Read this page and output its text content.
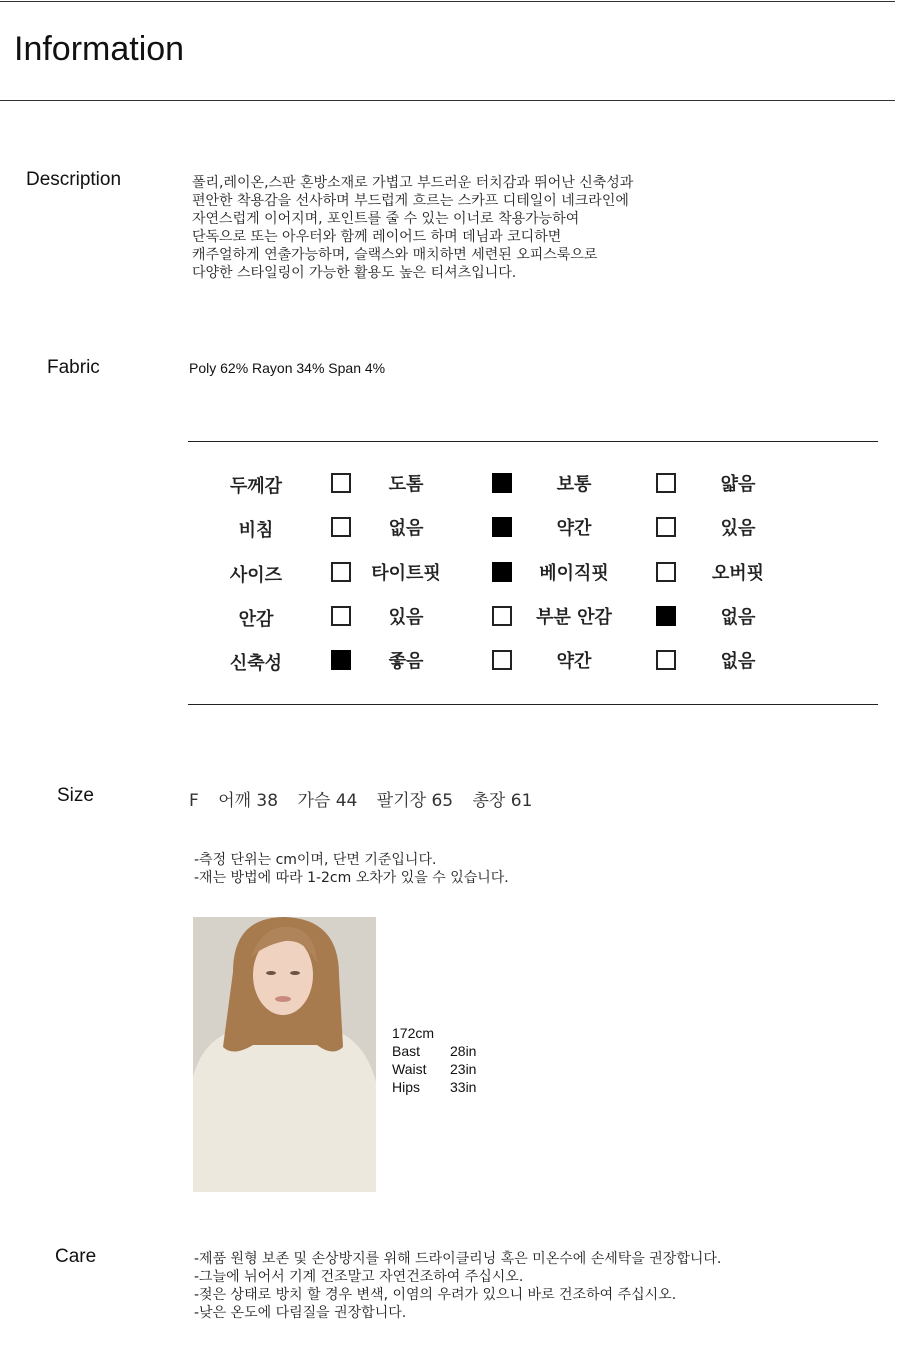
Information
Description	폴리,레이온,스판 혼방소재로 가볍고 부드러운 터치감과 뛰어난 신축성과
편안한 착용감을 선사하며 부드럽게 흐르는 스카프 디테일이 네크라인에
자연스럽게 이어지며, 포인트를 줄 수 있는 이너로 착용가능하여
단독으로 또는 아우터와 함께 레이어드 하며 데님과 코디하면
캐주얼하게 연출가능하며, 슬랙스와 매치하면 세련된 오피스룩으로
다양한 스타일링이 가능한 활용도 높은 티셔츠입니다.
Fabric	Poly 62% Rayon 34% Span 4%
두께감	도톰	보통	얇음
비침	없음	약간	있음
사이즈	타이트핏	베이직핏	오버핏
안감	있음	부분 안감	없음
신축성	좋음	약간	없음
Size	F 어깨 38 가슴 44 팔기장 65 총장 61
-측정 단위는 cm이며, 단면 기준입니다.
-재는 방법에 따라 1-2cm 오차가 있을 수 있습니다.
172cm
Bast 28in
Waist 23in
Hips 33in
Care	-제품 원형 보존 및 손상방지를 위해 드라이클리닝 혹은 미온수에 손세탁을 권장합니다.
-그늘에 뉘어서 기계 건조말고 자연건조하여 주십시오.
-젖은 상태로 방치 할 경우 변색, 이염의 우려가 있으니 바로 건조하여 주십시오.
-낮은 온도에 다림질을 권장합니다.
